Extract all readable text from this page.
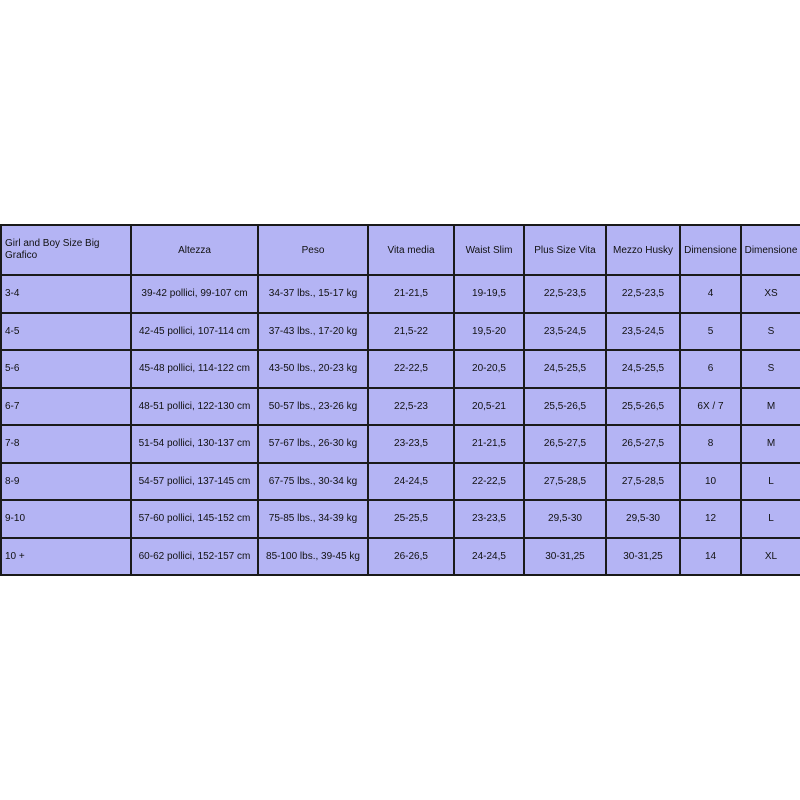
Girl and Boy Size Big Grafico	Altezza	Peso	Vita media	Waist Slim	Plus Size Vita	Mezzo Husky	Dimensione	Dimensione
3-4	39-42 pollici, 99-107 cm	34-37 lbs., 15-17 kg	21-21,5	19-19,5	22,5-23,5	22,5-23,5	4	XS
4-5	42-45 pollici, 107-114 cm	37-43 lbs., 17-20 kg	21,5-22	19,5-20	23,5-24,5	23,5-24,5	5	S
5-6	45-48 pollici, 114-122 cm	43-50 lbs., 20-23 kg	22-22,5	20-20,5	24,5-25,5	24,5-25,5	6	S
6-7	48-51 pollici, 122-130 cm	50-57 lbs., 23-26 kg	22,5-23	20,5-21	25,5-26,5	25,5-26,5	6X / 7	M
7-8	51-54 pollici, 130-137 cm	57-67 lbs., 26-30 kg	23-23,5	21-21,5	26,5-27,5	26,5-27,5	8	M
8-9	54-57 pollici, 137-145 cm	67-75 lbs., 30-34 kg	24-24,5	22-22,5	27,5-28,5	27,5-28,5	10	L
9-10	57-60 pollici, 145-152 cm	75-85 lbs., 34-39 kg	25-25,5	23-23,5	29,5-30	29,5-30	12	L
10 +	60-62 pollici, 152-157 cm	85-100 lbs., 39-45 kg	26-26,5	24-24,5	30-31,25	30-31,25	14	XL
